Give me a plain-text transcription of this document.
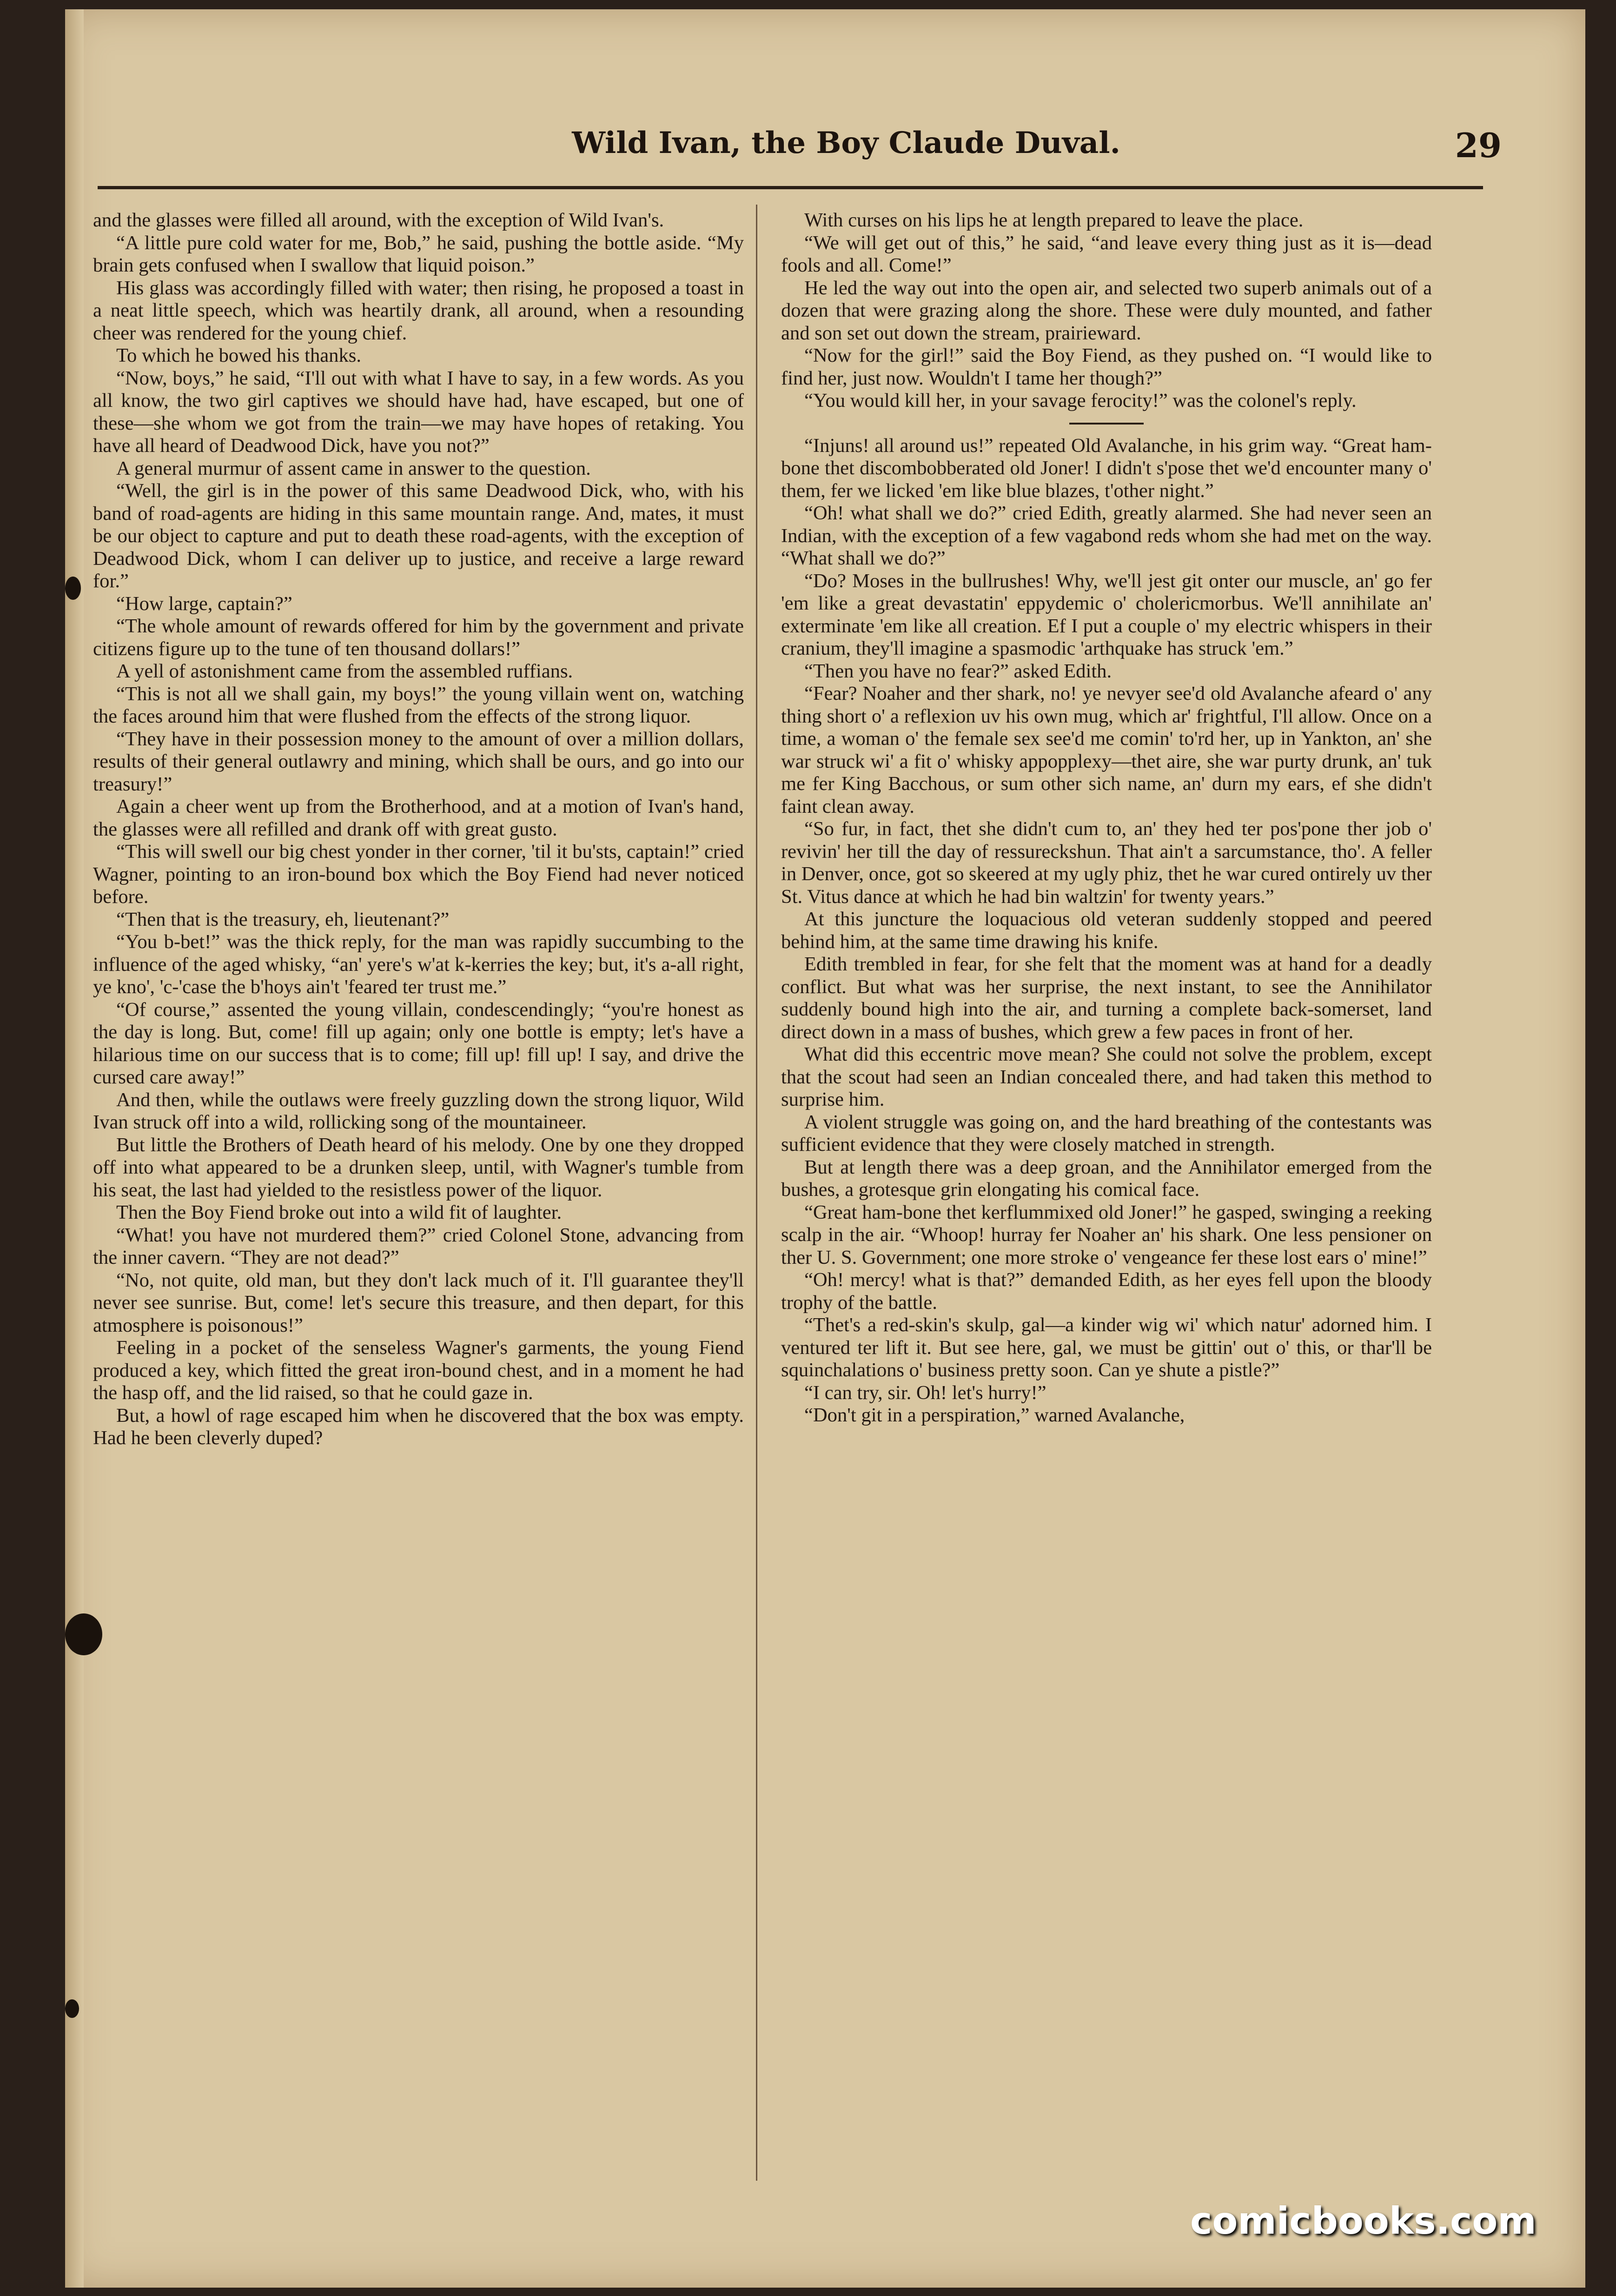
Wild Ivan, the Boy Claude Duval.	29

and the glasses were filled all around, with the exception of Wild Ivan's.

“A little pure cold water for me, Bob,” he said, pushing the bottle aside. “My brain gets confused when I swallow that liquid poison.”

His glass was accordingly filled with water; then rising, he proposed a toast in a neat little speech, which was heartily drank, all around, when a resounding cheer was rendered for the young chief.

To which he bowed his thanks.

“Now, boys,” he said, “I'll out with what I have to say, in a few words. As you all know, the two girl captives we should have had, have escaped, but one of these—she whom we got from the train—we may have hopes of retaking. You have all heard of Deadwood Dick, have you not?”

A general murmur of assent came in answer to the question.

“Well, the girl is in the power of this same Deadwood Dick, who, with his band of road-agents are hiding in this same mountain range. And, mates, it must be our object to capture and put to death these road-agents, with the exception of Deadwood Dick, whom I can deliver up to justice, and receive a large reward for.”

“How large, captain?”

“The whole amount of rewards offered for him by the government and private citizens figure up to the tune of ten thousand dollars!”

A yell of astonishment came from the assembled ruffians.

“This is not all we shall gain, my boys!” the young villain went on, watching the faces around him that were flushed from the effects of the strong liquor.

“They have in their possession money to the amount of over a million dollars, results of their general outlawry and mining, which shall be ours, and go into our treasury!”

Again a cheer went up from the Brotherhood, and at a motion of Ivan's hand, the glasses were all refilled and drank off with great gusto.

“This will swell our big chest yonder in ther corner, 'til it bu'sts, captain!” cried Wagner, pointing to an iron-bound box which the Boy Fiend had never noticed before.

“Then that is the treasury, eh, lieutenant?”

“You b-bet!” was the thick reply, for the man was rapidly succumbing to the influence of the aged whisky, “an' yere's w'at k-kerries the key; but, it's a-all right, ye kno', 'c-'case the b'hoys ain't 'feared ter trust me.”

“Of course,” assented the young villain, condescendingly; “you're honest as the day is long. But, come! fill up again; only one bottle is empty; let's have a hilarious time on our success that is to come; fill up! fill up! I say, and drive the cursed care away!”

And then, while the outlaws were freely guzzling down the strong liquor, Wild Ivan struck off into a wild, rollicking song of the mountaineer.

But little the Brothers of Death heard of his melody. One by one they dropped off into what appeared to be a drunken sleep, until, with Wagner's tumble from his seat, the last had yielded to the resistless power of the liquor.

Then the Boy Fiend broke out into a wild fit of laughter.

“What! you have not murdered them?” cried Colonel Stone, advancing from the inner cavern. “They are not dead?”

“No, not quite, old man, but they don't lack much of it. I'll guarantee they'll never see sunrise. But, come! let's secure this treasure, and then depart, for this atmosphere is poisonous!”

Feeling in a pocket of the senseless Wagner's garments, the young Fiend produced a key, which fitted the great iron-bound chest, and in a moment he had the hasp off, and the lid raised, so that he could gaze in.

But, a howl of rage escaped him when he discovered that the box was empty. Had he been cleverly duped?

With curses on his lips he at length prepared to leave the place.

“We will get out of this,” he said, “and leave every thing just as it is—dead fools and all. Come!”

He led the way out into the open air, and selected two superb animals out of a dozen that were grazing along the shore. These were duly mounted, and father and son set out down the stream, prairieward.

“Now for the girl!” said the Boy Fiend, as they pushed on. “I would like to find her, just now. Wouldn't I tame her though?”

“You would kill her, in your savage ferocity!” was the colonel's reply.

“Injuns! all around us!” repeated Old Avalanche, in his grim way. “Great ham-bone thet discombobberated old Joner! I didn't s'pose thet we'd encounter many o' them, fer we licked 'em like blue blazes, t'other night.”

“Oh! what shall we do?” cried Edith, greatly alarmed. She had never seen an Indian, with the exception of a few vagabond reds whom she had met on the way. “What shall we do?”

“Do? Moses in the bullrushes! Why, we'll jest git onter our muscle, an' go fer 'em like a great devastatin' eppydemic o' cholericmorbus. We'll annihilate an' exterminate 'em like all creation. Ef I put a couple o' my electric whispers in their cranium, they'll imagine a spasmodic 'arthquake has struck 'em.”

“Then you have no fear?” asked Edith.

“Fear? Noaher and ther shark, no! ye nevyer see'd old Avalanche afeard o' any thing short o' a reflexion uv his own mug, which ar' frightful, I'll allow. Once on a time, a woman o' the female sex see'd me comin' to'rd her, up in Yankton, an' she war struck wi' a fit o' whisky appopplexy—thet aire, she war purty drunk, an' tuk me fer King Bacchous, or sum other sich name, an' durn my ears, ef she didn't faint clean away.

“So fur, in fact, thet she didn't cum to, an' they hed ter pos'pone ther job o' revivin' her till the day of ressureckshun. That ain't a sarcumstance, tho'. A feller in Denver, once, got so skeered at my ugly phiz, thet he war cured ontirely uv ther St. Vitus dance at which he had bin waltzin' for twenty years.”

At this juncture the loquacious old veteran suddenly stopped and peered behind him, at the same time drawing his knife.

Edith trembled in fear, for she felt that the moment was at hand for a deadly conflict. But what was her surprise, the next instant, to see the Annihilator suddenly bound high into the air, and turning a complete back-somerset, land direct down in a mass of bushes, which grew a few paces in front of her.

What did this eccentric move mean? She could not solve the problem, except that the scout had seen an Indian concealed there, and had taken this method to surprise him.

A violent struggle was going on, and the hard breathing of the contestants was sufficient evidence that they were closely matched in strength.

But at length there was a deep groan, and the Annihilator emerged from the bushes, a grotesque grin elongating his comical face.

“Great ham-bone thet kerflummixed old Joner!” he gasped, swinging a reeking scalp in the air. “Whoop! hurray fer Noaher an' his shark. One less pensioner on ther U. S. Government; one more stroke o' vengeance fer these lost ears o' mine!”

“Oh! mercy! what is that?” demanded Edith, as her eyes fell upon the bloody trophy of the battle.

“Thet's a red-skin's skulp, gal—a kinder wig wi' which natur' adorned him. I ventured ter lift it. But see here, gal, we must be gittin' out o' this, or thar'll be squinchalations o' business pretty soon. Can ye shute a pistle?”

“I can try, sir. Oh! let's hurry!”

“Don't git in a perspiration,” warned Avalanche,

comicbooks.com
